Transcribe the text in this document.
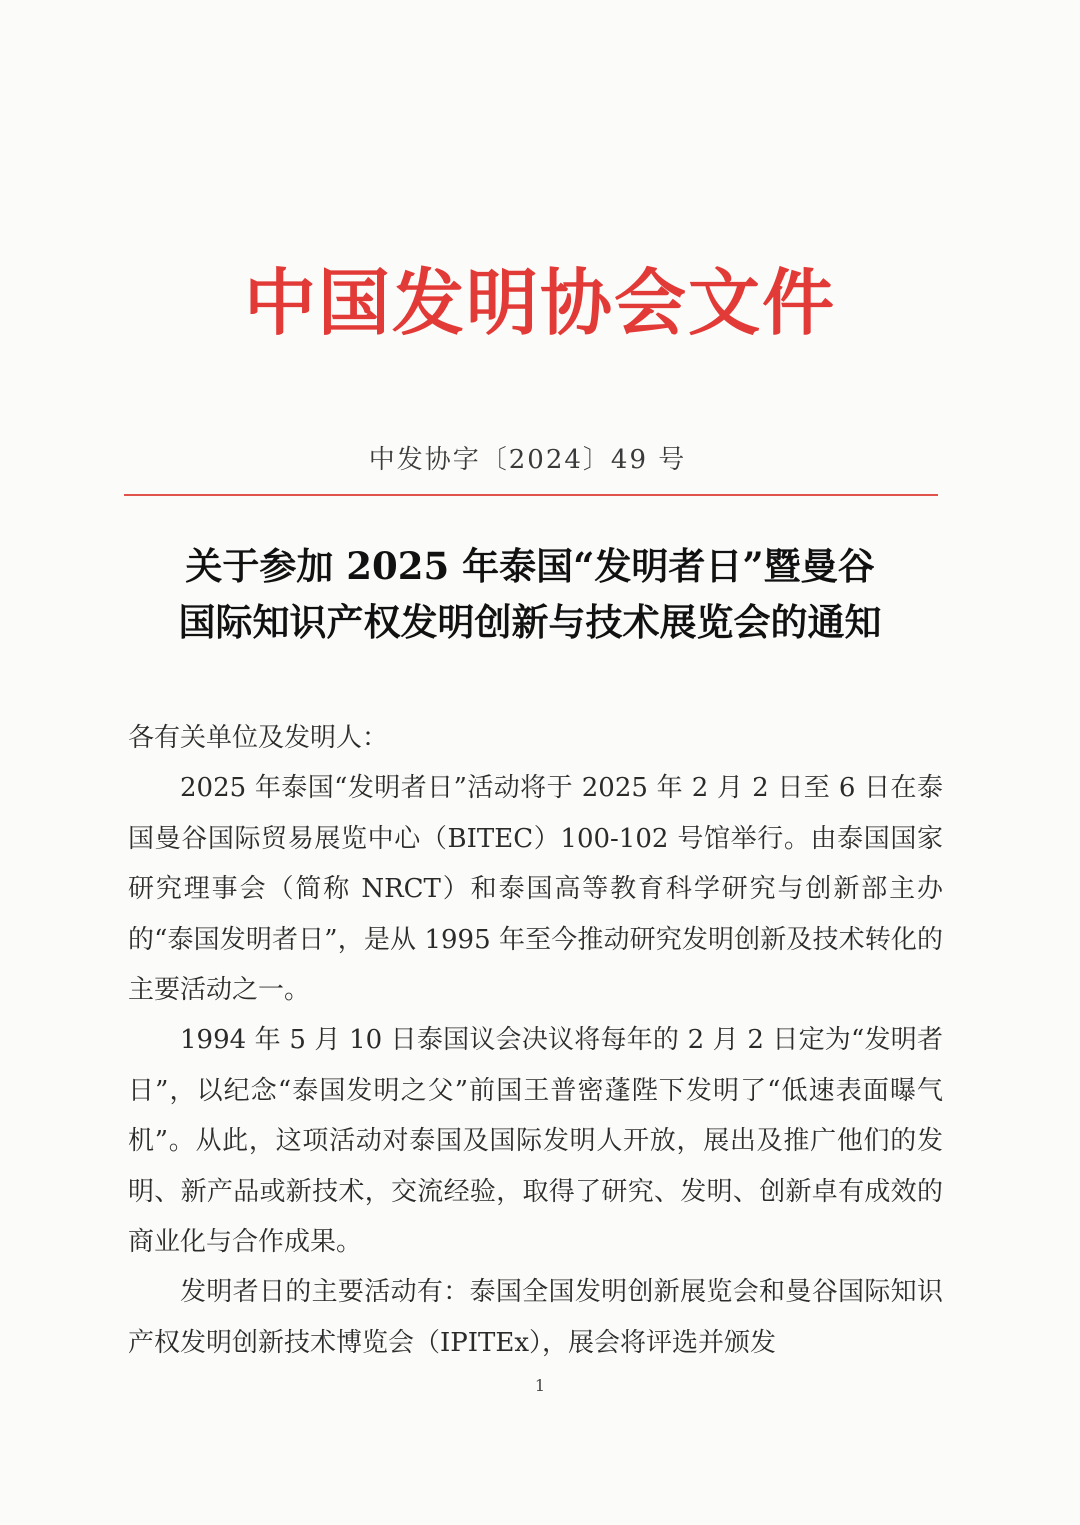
中国发明协会文件
中发协字〔2024〕49 号
关于参加 2025 年泰国“发明者日”暨曼谷
国际知识产权发明创新与技术展览会的通知

各有关单位及发明人：

2025 年泰国“发明者日”活动将于 2025 年 2 月 2 日至 6 日在泰国曼谷国际贸易展览中心（BITEC）100-102 号馆举行。由泰国国家研究理事会（简称 NRCT）和泰国高等教育科学研究与创新部主办的“泰国发明者日”，是从 1995 年至今推动研究发明创新及技术转化的主要活动之一。

1994 年 5 月 10 日泰国议会决议将每年的 2 月 2 日定为“发明者日”，以纪念“泰国发明之父”前国王普密蓬陛下发明了“低速表面曝气机”。从此，这项活动对泰国及国际发明人开放，展出及推广他们的发明、新产品或新技术，交流经验，取得了研究、发明、创新卓有成效的商业化与合作成果。

发明者日的主要活动有：泰国全国发明创新展览会和曼谷国际知识产权发明创新技术博览会（IPITEx），展会将评选并颁发

1
